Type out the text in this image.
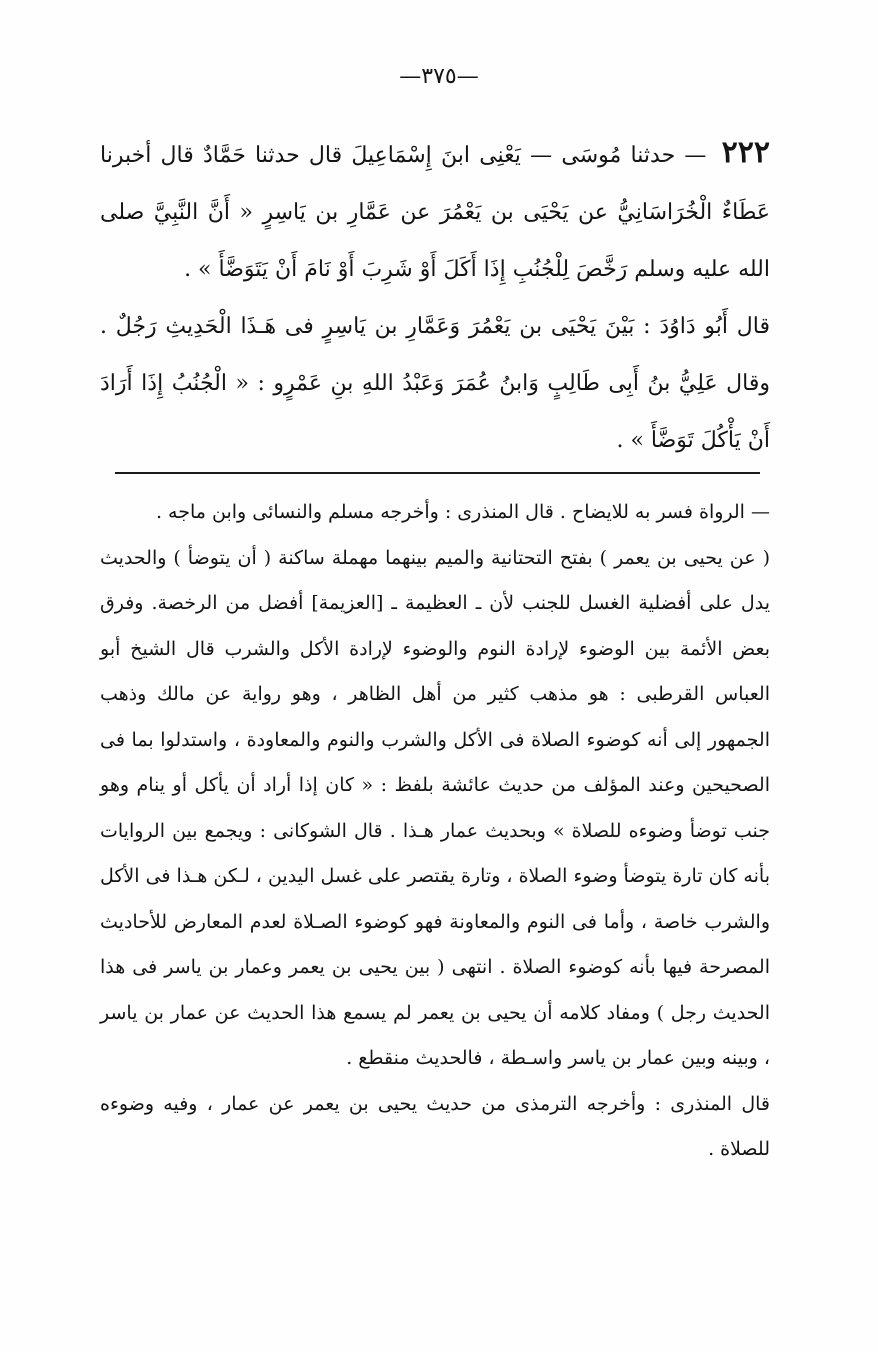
—٣٧٥—

٢٢٢ — حدثنا مُوسَى — يَعْنِى ابنَ إِسْمَاعِيلَ قال حدثنا حَمَّادٌ قال أخبرنا عَطَاءٌ الْخُرَاسَانِيُّ عن يَحْيَى بن يَعْمُرَ عن عَمَّارِ بن يَاسِرٍ « أَنَّ النَّبِيَّ صلى الله عليه وسلم رَخَّصَ لِلْجُنُبِ إِذَا أَكَلَ أَوْ شَرِبَ أَوْ نَامَ أَنْ يَتَوَضَّأَ » .

قال أَبُو دَاوُدَ : بَيْنَ يَحْيَى بن يَعْمُرَ وَعَمَّارِ بن يَاسِرٍ فى هَـذَا الْحَدِيثِ رَجُلٌ . وقال عَلِيُّ بنُ أَبِى طَالِبٍ وَابنُ عُمَرَ وَعَبْدُ اللهِ بنِ عَمْرٍو : « الْجُنُبُ إِذَا أَرَادَ أَنْ يَأْكُلَ تَوَضَّأَ » .

— الرواة فسر به للايضاح . قال المنذرى : وأخرجه مسلم والنسائى وابن ماجه .

( عن يحيى بن يعمر ) بفتح التحتانية والميم بينهما مهملة ساكنة ( أن يتوضأ ) والحديث يدل على أفضلية الغسل للجنب لأن ـ العظيمة ـ [العزيمة] أفضل من الرخصة. وفرق بعض الأئمة بين الوضوء لإرادة النوم والوضوء لإرادة الأكل والشرب قال الشيخ أبو العباس القرطبى : هو مذهب كثير من أهل الظاهر ، وهو رواية عن مالك وذهب الجمهور إلى أنه كوضوء الصلاة فى الأكل والشرب والنوم والمعاودة ، واستدلوا بما فى الصحيحين وعند المؤلف من حديث عائشة بلفظ : « كان إذا أراد أن يأكل أو ينام وهو جنب توضأ وضوءه للصلاة » وبحديث عمار هـذا . قال الشوكانى : ويجمع بين الروايات بأنه كان تارة يتوضأ وضوء الصلاة ، وتارة يقتصر على غسل اليدين ، لـكن هـذا فى الأكل والشرب خاصة ، وأما فى النوم والمعاونة فهو كوضوء الصـلاة لعدم المعارض للأحاديث المصرحة فيها بأنه كوضوء الصلاة . انتهى ( بين يحيى بن يعمر وعمار بن ياسر فى هذا الحديث رجل ) ومفاد كلامه أن يحيى بن يعمر لم يسمع هذا الحديث عن عمار بن ياسر ، وبينه وبين عمار بن ياسر واسـطة ، فالحديث منقطع .

قال المنذرى : وأخرجه الترمذى من حديث يحيى بن يعمر عن عمار ، وفيه وضوءه للصلاة .
